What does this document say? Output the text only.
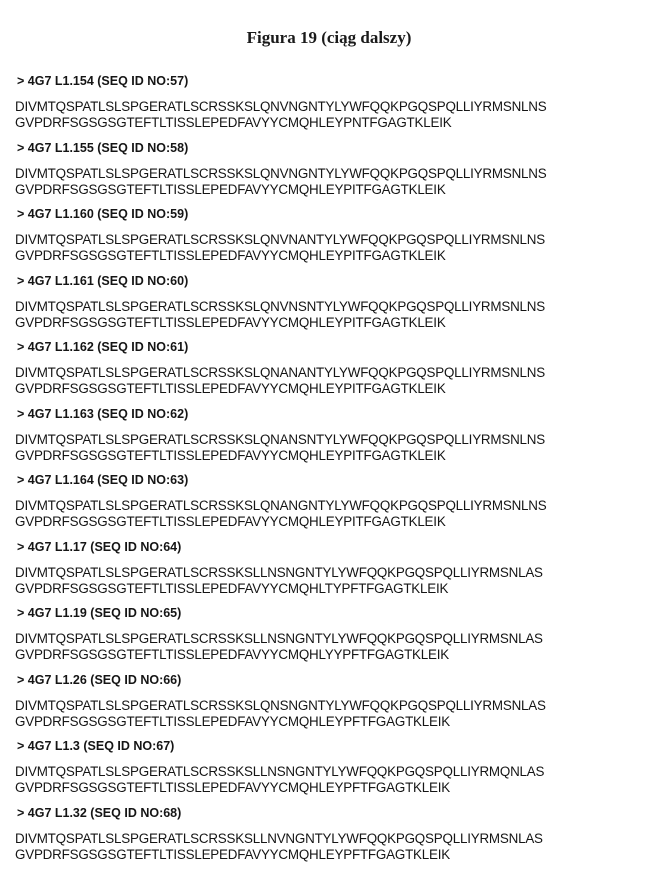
Figura 19 (ciąg dalszy)
> 4G7 L1.154 (SEQ ID NO:57)
DIVMTQSPATLSLSPGERATLSCRSSKSLQNVNGNTYLYWFQQKPGQSPQLLIYRMSNLNS
GVPDRFSGSGSGTEFTLTISSLEPEDFAVYYCMQHLEYPNTFGAGTKLEIK
> 4G7 L1.155 (SEQ ID NO:58)
DIVMTQSPATLSLSPGERATLSCRSSKSLQNVNGNTYLYWFQQKPGQSPQLLIYRMSNLNS
GVPDRFSGSGSGTEFTLTISSLEPEDFAVYYCMQHLEYPITFGAGTKLEIK
> 4G7 L1.160 (SEQ ID NO:59)
DIVMTQSPATLSLSPGERATLSCRSSKSLQNVNANTYLYWFQQKPGQSPQLLIYRMSNLNS
GVPDRFSGSGSGTEFTLTISSLEPEDFAVYYCMQHLEYPITFGAGTKLEIK
> 4G7 L1.161 (SEQ ID NO:60)
DIVMTQSPATLSLSPGERATLSCRSSKSLQNVNSNTYLYWFQQKPGQSPQLLIYRMSNLNS
GVPDRFSGSGSGTEFTLTISSLEPEDFAVYYCMQHLEYPITFGAGTKLEIK
> 4G7 L1.162 (SEQ ID NO:61)
DIVMTQSPATLSLSPGERATLSCRSSKSLQNANANTYLYWFQQKPGQSPQLLIYRMSNLNS
GVPDRFSGSGSGTEFTLTISSLEPEDFAVYYCMQHLEYPITFGAGTKLEIK
> 4G7 L1.163 (SEQ ID NO:62)
DIVMTQSPATLSLSPGERATLSCRSSKSLQNANSNTYLYWFQQKPGQSPQLLIYRMSNLNS
GVPDRFSGSGSGTEFTLTISSLEPEDFAVYYCMQHLEYPITFGAGTKLEIK
> 4G7 L1.164 (SEQ ID NO:63)
DIVMTQSPATLSLSPGERATLSCRSSKSLQNANGNTYLYWFQQKPGQSPQLLIYRMSNLNS
GVPDRFSGSGSGTEFTLTISSLEPEDFAVYYCMQHLEYPITFGAGTKLEIK
> 4G7 L1.17 (SEQ ID NO:64)
DIVMTQSPATLSLSPGERATLSCRSSKSLLNSNGNTYLYWFQQKPGQSPQLLIYRMSNLAS
GVPDRFSGSGSGTEFTLTISSLEPEDFAVYYCMQHLTYPFTFGAGTKLEIK
> 4G7 L1.19 (SEQ ID NO:65)
DIVMTQSPATLSLSPGERATLSCRSSKSLLNSNGNTYLYWFQQKPGQSPQLLIYRMSNLAS
GVPDRFSGSGSGTEFTLTISSLEPEDFAVYYCMQHLYYPFTFGAGTKLEIK
> 4G7 L1.26 (SEQ ID NO:66)
DIVMTQSPATLSLSPGERATLSCRSSKSLQNSNGNTYLYWFQQKPGQSPQLLIYRMSNLAS
GVPDRFSGSGSGTEFTLTISSLEPEDFAVYYCMQHLEYPFTFGAGTKLEIK
> 4G7 L1.3 (SEQ ID NO:67)
DIVMTQSPATLSLSPGERATLSCRSSKSLLNSNGNTYLYWFQQKPGQSPQLLIYRMQNLAS
GVPDRFSGSGSGTEFTLTISSLEPEDFAVYYCMQHLEYPFTFGAGTKLEIK
> 4G7 L1.32 (SEQ ID NO:68)
DIVMTQSPATLSLSPGERATLSCRSSKSLLNVNGNTYLYWFQQKPGQSPQLLIYRMSNLAS
GVPDRFSGSGSGTEFTLTISSLEPEDFAVYYCMQHLEYPFTFGAGTKLEIK
